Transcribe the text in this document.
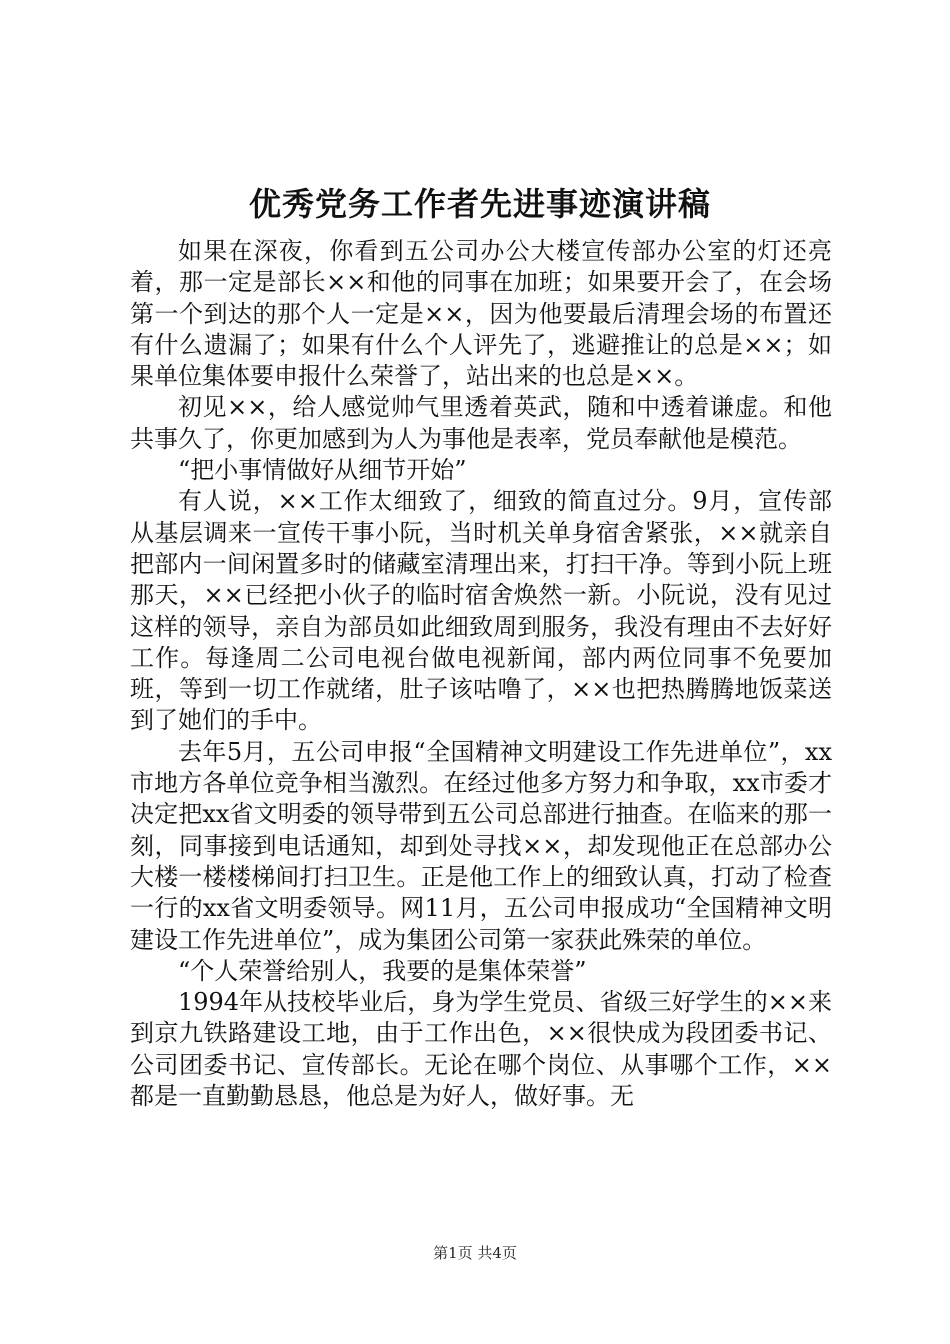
优秀党务工作者先进事迹演讲稿

如果在深夜，你看到五公司办公大楼宣传部办公室的灯还亮着，那一定是部长××和他的同事在加班；如果要开会了，在会场第一个到达的那个人一定是××，因为他要最后清理会场的布置还有什么遗漏了；如果有什么个人评先了，逃避推让的总是××；如果单位集体要申报什么荣誉了，站出来的也总是××。

初见××，给人感觉帅气里透着英武，随和中透着谦虚。和他共事久了，你更加感到为人为事他是表率，党员奉献他是模范。

“把小事情做好从细节开始”

有人说，××工作太细致了，细致的简直过分。9月，宣传部从基层调来一宣传干事小阮，当时机关单身宿舍紧张，××就亲自把部内一间闲置多时的储藏室清理出来，打扫干净。等到小阮上班那天，××已经把小伙子的临时宿舍焕然一新。小阮说，没有见过这样的领导，亲自为部员如此细致周到服务，我没有理由不去好好工作。每逢周二公司电视台做电视新闻，部内两位同事不免要加班，等到一切工作就绪，肚子该咕噜了，××也把热腾腾地饭菜送到了她们的手中。

去年5月，五公司申报“全国精神文明建设工作先进单位”，xx市地方各单位竞争相当激烈。在经过他多方努力和争取，xx市委才决定把xx省文明委的领导带到五公司总部进行抽查。在临来的那一刻，同事接到电话通知，却到处寻找××，却发现他正在总部办公大楼一楼楼梯间打扫卫生。正是他工作上的细致认真，打动了检查一行的xx省文明委领导。网11月，五公司申报成功“全国精神文明建设工作先进单位”，成为集团公司第一家获此殊荣的单位。

“个人荣誉给别人，我要的是集体荣誉”

1994年从技校毕业后，身为学生党员、省级三好学生的××来到京九铁路建设工地，由于工作出色，××很快成为段团委书记、公司团委书记、宣传部长。无论在哪个岗位、从事哪个工作，××都是一直勤勤恳恳，他总是为好人，做好事。无

第1页 共4页
